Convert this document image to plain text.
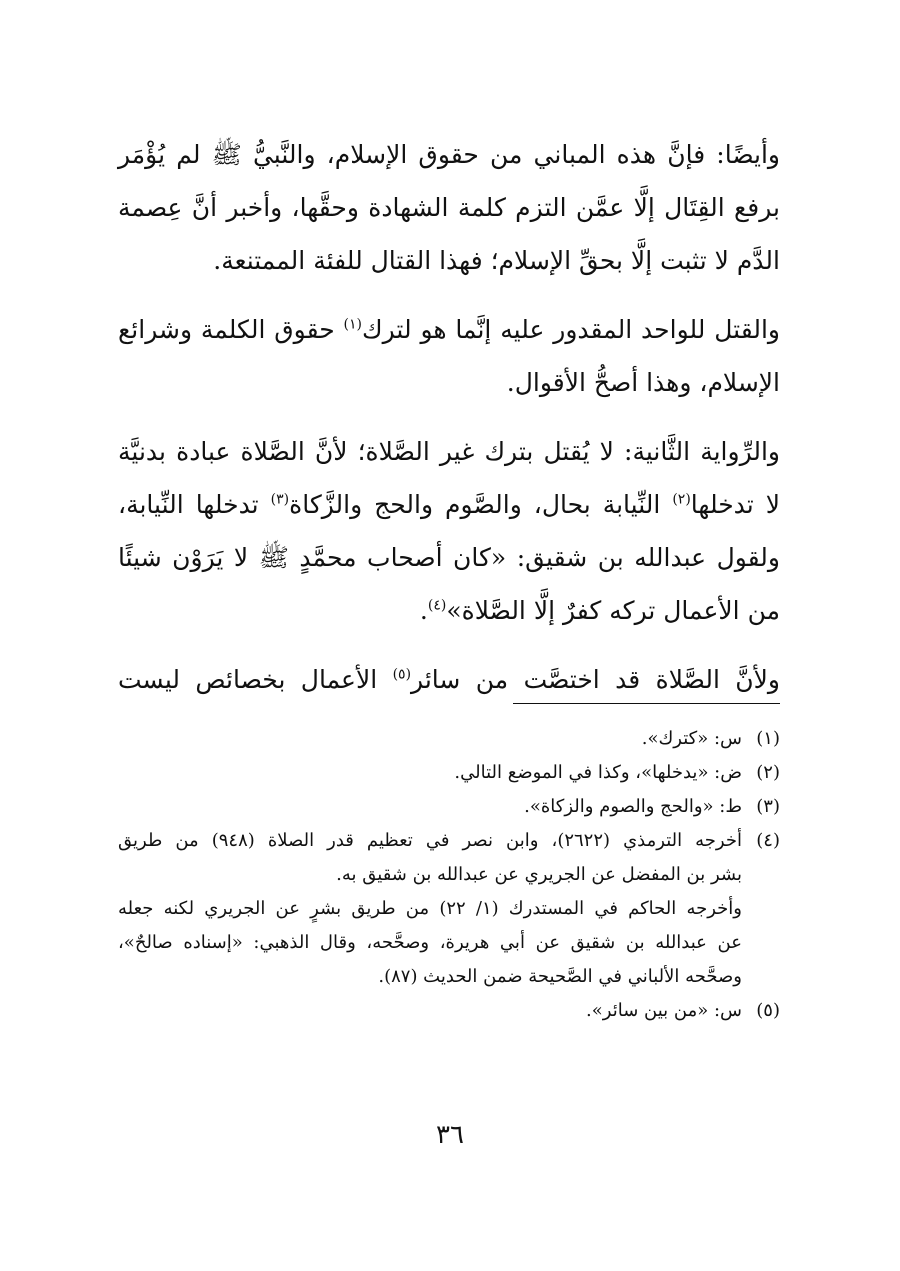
وأيضًا: فإنَّ هذه المباني من حقوق الإسلام، والنَّبيُّ ﷺ لم يُؤْمَر برفع القِتَال إلَّا عمَّن التزم كلمة الشهادة وحقَّها، وأخبر أنَّ عِصمة الدَّم لا تثبت إلَّا بحقِّ الإسلام؛ فهذا القتال للفئة الممتنعة.

والقتل للواحد المقدور عليه إنَّما هو لترك$^{(١)}$ حقوق الكلمة وشرائع الإسلام، وهذا أصحُّ الأقوال.

والرِّواية الثَّانية: لا يُقتل بترك غير الصَّلاة؛ لأنَّ الصَّلاة عبادة بدنيَّة لا تدخلها$^{(٢)}$ النِّيابة بحال، والصَّوم والحج والزَّكاة$^{(٣)}$ تدخلها النِّيابة، ولقول عبدالله بن شقيق: «كان أصحاب محمَّدٍ ﷺ لا يَرَوْن شيئًا من الأعمال تركه كفرٌ إلَّا الصَّلاة»$^{(٤)}$.

ولأنَّ الصَّلاة قد اختصَّت من سائر$^{(٥)}$ الأعمال بخصائص ليست

(١)
س: «كترك».
(٢)
ض: «يدخلها»، وكذا في الموضع التالي.
(٣)
ط: «والحج والصوم والزكاة».
(٤)
أخرجه الترمذي (٢٦٢٢)، وابن نصر في تعظيم قدر الصلاة (٩٤٨) من طريق
بشر بن المفضل عن الجريري عن عبدالله بن شقيق به.
وأخرجه الحاكم في المستدرك (١/ ٢٢) من طريق بشرٍ عن الجريري لكنه جعله
عن عبدالله بن شقيق عن أبي هريرة، وصحَّحه، وقال الذهبي: «إسناده صالحٌ»،
وصحَّحه الألباني في الصَّحيحة ضمن الحديث (٨٧).
(٥)
س: «من بين سائر».
٣٦
